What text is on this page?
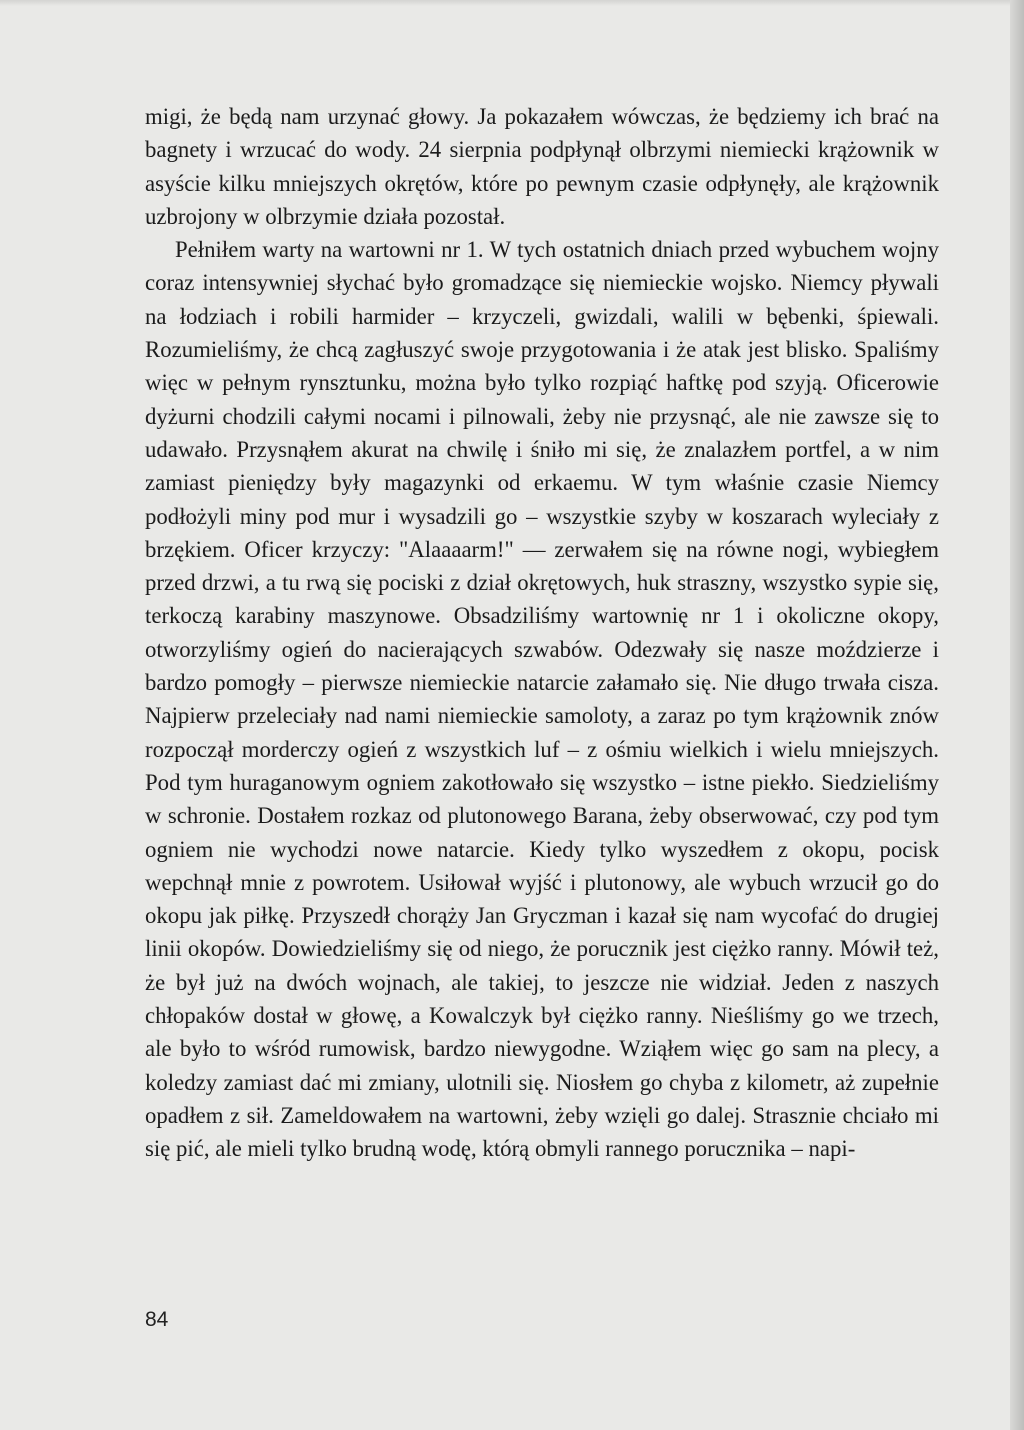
migi, że będą nam urzynać głowy. Ja pokazałem wówczas, że będziemy ich brać na bagnety i wrzucać do wody. 24 sierpnia podpłynął olbrzymi niemiecki krążownik w asyście kilku mniejszych okrętów, które po pewnym czasie odpłynęły, ale krążownik uzbrojony w olbrzymie działa pozostał.

Pełniłem warty na wartowni nr 1. W tych ostatnich dniach przed wybuchem wojny coraz intensywniej słychać było gromadzące się niemieckie wojsko. Niemcy pływali na łodziach i robili harmider – krzyczeli, gwizdali, walili w bębenki, śpiewali. Rozumieliśmy, że chcą zagłuszyć swoje przygotowania i że atak jest blisko. Spaliśmy więc w pełnym rynsztunku, można było tylko rozpiąć haftkę pod szyją. Oficerowie dyżurni chodzili całymi nocami i pilnowali, żeby nie przysnąć, ale nie zawsze się to udawało. Przysnąłem akurat na chwilę i śniło mi się, że znalazłem portfel, a w nim zamiast pieniędzy były magazynki od erkaemu. W tym właśnie czasie Niemcy podłożyli miny pod mur i wysadzili go – wszystkie szyby w koszarach wyleciały z brzękiem. Oficer krzyczy: "Alaaaarm!" — zerwałem się na równe nogi, wybiegłem przed drzwi, a tu rwą się pociski z dział okrętowych, huk straszny, wszystko sypie się, terkoczą karabiny maszynowe. Obsadziliśmy wartownię nr 1 i okoliczne okopy, otworzyliśmy ogień do nacierających szwabów. Odezwały się nasze moździerze i bardzo pomogły – pierwsze niemieckie natarcie załamało się. Nie długo trwała cisza. Najpierw przeleciały nad nami niemieckie samoloty, a zaraz po tym krążownik znów rozpoczął morderczy ogień z wszystkich luf – z ośmiu wielkich i wielu mniejszych. Pod tym huraganowym ogniem zakotłowało się wszystko – istne piekło. Siedzieliśmy w schronie. Dostałem rozkaz od plutonowego Barana, żeby obserwować, czy pod tym ogniem nie wychodzi nowe natarcie. Kiedy tylko wyszedłem z okopu, pocisk wepchnął mnie z powrotem. Usiłował wyjść i plutonowy, ale wybuch wrzucił go do okopu jak piłkę. Przyszedł chorąży Jan Gryczman i kazał się nam wycofać do drugiej linii okopów. Dowiedzieliśmy się od niego, że porucznik jest ciężko ranny. Mówił też, że był już na dwóch wojnach, ale takiej, to jeszcze nie widział. Jeden z naszych chłopaków dostał w głowę, a Kowalczyk był ciężko ranny. Nieśliśmy go we trzech, ale było to wśród rumowisk, bardzo niewygodne. Wziąłem więc go sam na plecy, a koledzy zamiast dać mi zmiany, ulotnili się. Niosłem go chyba z kilometr, aż zupełnie opadłem z sił. Zameldowałem na wartowni, żeby wzięli go dalej. Strasznie chciało mi się pić, ale mieli tylko brudną wodę, którą obmyli rannego porucznika – napi-

84
